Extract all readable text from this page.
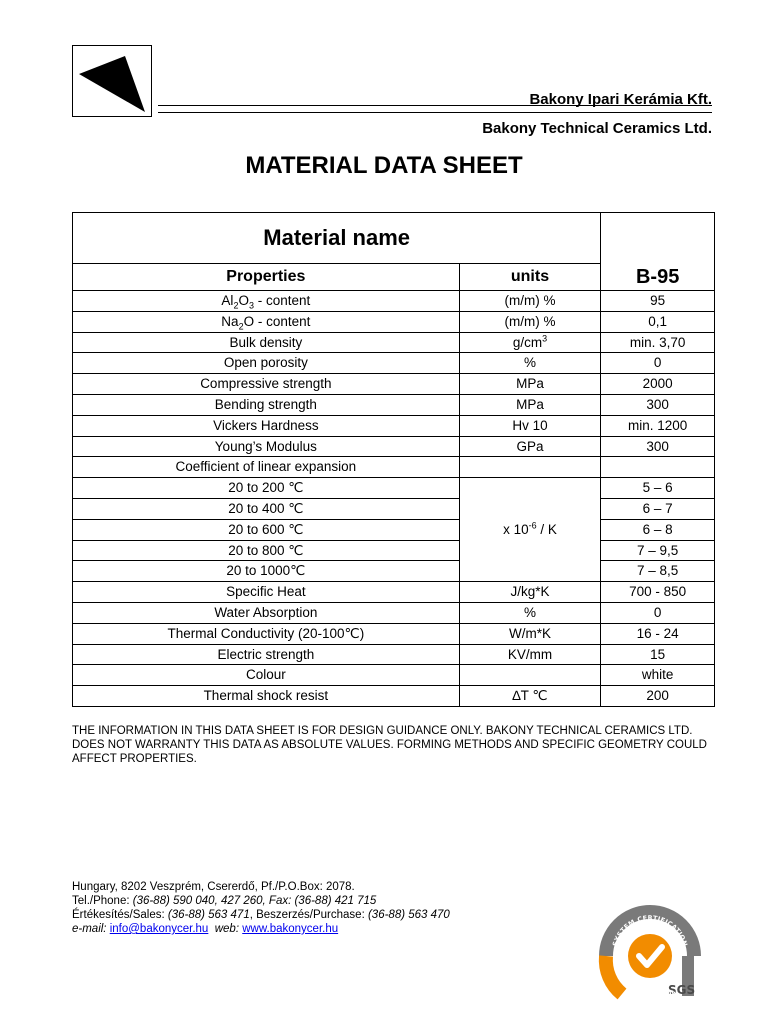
Bakony Ipari Kerámia Kft.
Bakony Technical Ceramics Ltd.
MATERIAL DATA SHEET
Material name		B-95
Properties	units	
$Al_2O_3$ - content	(m/m) %	95
$Na_2O$ - content	(m/m) %	0,1
Bulk density	$g/cm^3$	min. 3,70
Open porosity	%	0
Compressive strength	MPa	2000
Bending strength	MPa	300
Vickers Hardness	Hv 10	min. 1200
Young’s Modulus	GPa	300
Coefficient of linear expansion		
20 to 200 ℃	x $10^{-6}$ / K	5 – 6
20 to 400 ℃		6 – 7
20 to 600 ℃		6 – 8
20 to 800 ℃		7 – 9,5
20 to 1000℃		7 – 8,5
Specific Heat	J/kg*K	700 - 850
Water Absorption	%	0
Thermal Conductivity (20-100℃)	W/m*K	16 - 24
Electric strength	KV/mm	15
Colour		white
Thermal shock resist	∆T ℃	200
THE INFORMATION IN THIS DATA SHEET IS FOR DESIGN GUIDANCE ONLY. BAKONY TECHNICAL CERAMICS LTD. DOES NOT WARRANTY THIS DATA AS ABSOLUTE VALUES. FORMING METHODS AND SPECIFIC GEOMETRY COULD AFFECT PROPERTIES.
Hungary, 8202 Veszprém, Csererdő, Pf./P.O.Box: 2078.
Tel./Phone: (36-88) 590 040, 427 260, Fax: (36-88) 421 715
Értékesítés/Sales: (36-88) 563 471, Beszerzés/Purchase: (36-88) 563 470
e-mail: info@bakonycer.hu  web: www.bakonycer.hu
SYSTEM CERTIFICATION
SGS
ISO 9001:2008
